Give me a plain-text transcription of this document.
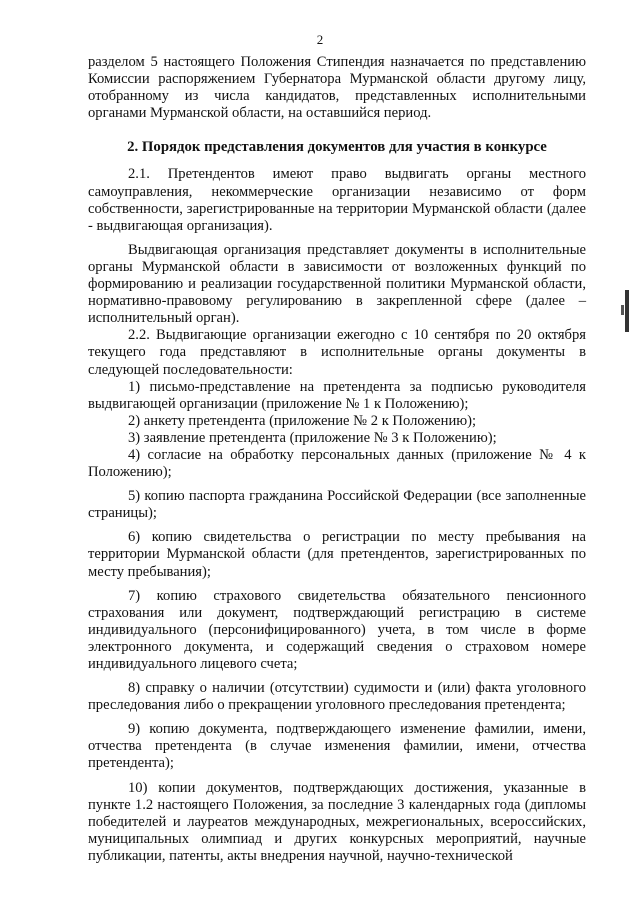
2

разделом 5 настоящего Положения Стипендия назначается по представлению Комиссии распоряжением Губернатора Мурманской области другому лицу, отобранному из числа кандидатов, представленных исполнительными органами Мурманской области, на оставшийся период.

2. Порядок представления документов для участия в конкурсе

2.1. Претендентов имеют право выдвигать органы местного самоуправления, некоммерческие организации независимо от форм собственности, зарегистрированные на территории Мурманской области (далее - выдвигающая организация).

Выдвигающая организация представляет документы в исполнительные органы Мурманской области в зависимости от возложенных функций по формированию и реализации государственной политики Мурманской области, нормативно-правовому регулированию в закрепленной сфере (далее – исполнительный орган).

2.2. Выдвигающие организации ежегодно с 10 сентября по 20 октября текущего года представляют в исполнительные органы документы в следующей последовательности:

1) письмо-представление на претендента за подписью руководителя выдвигающей организации (приложение № 1 к Положению);

2) анкету претендента (приложение № 2 к Положению);

3) заявление претендента (приложение № 3 к Положению);

4) согласие на обработку персональных данных (приложение № 4 к Положению);

5) копию паспорта гражданина Российской Федерации (все заполненные страницы);

6) копию свидетельства о регистрации по месту пребывания на территории Мурманской области (для претендентов, зарегистрированных по месту пребывания);

7) копию страхового свидетельства обязательного пенсионного страхования или документ, подтверждающий регистрацию в системе индивидуального (персонифицированного) учета, в том числе в форме электронного документа, и содержащий сведения о страховом номере индивидуального лицевого счета;

8) справку о наличии (отсутствии) судимости и (или) факта уголовного преследования либо о прекращении уголовного преследования претендента;

9) копию документа, подтверждающего изменение фамилии, имени, отчества претендента (в случае изменения фамилии, имени, отчества претендента);

10) копии документов, подтверждающих достижения, указанные в пункте 1.2 настоящего Положения, за последние 3 календарных года (дипломы победителей и лауреатов международных, межрегиональных, всероссийских, муниципальных олимпиад и других конкурсных мероприятий, научные публикации, патенты, акты внедрения научной, научно-технической
